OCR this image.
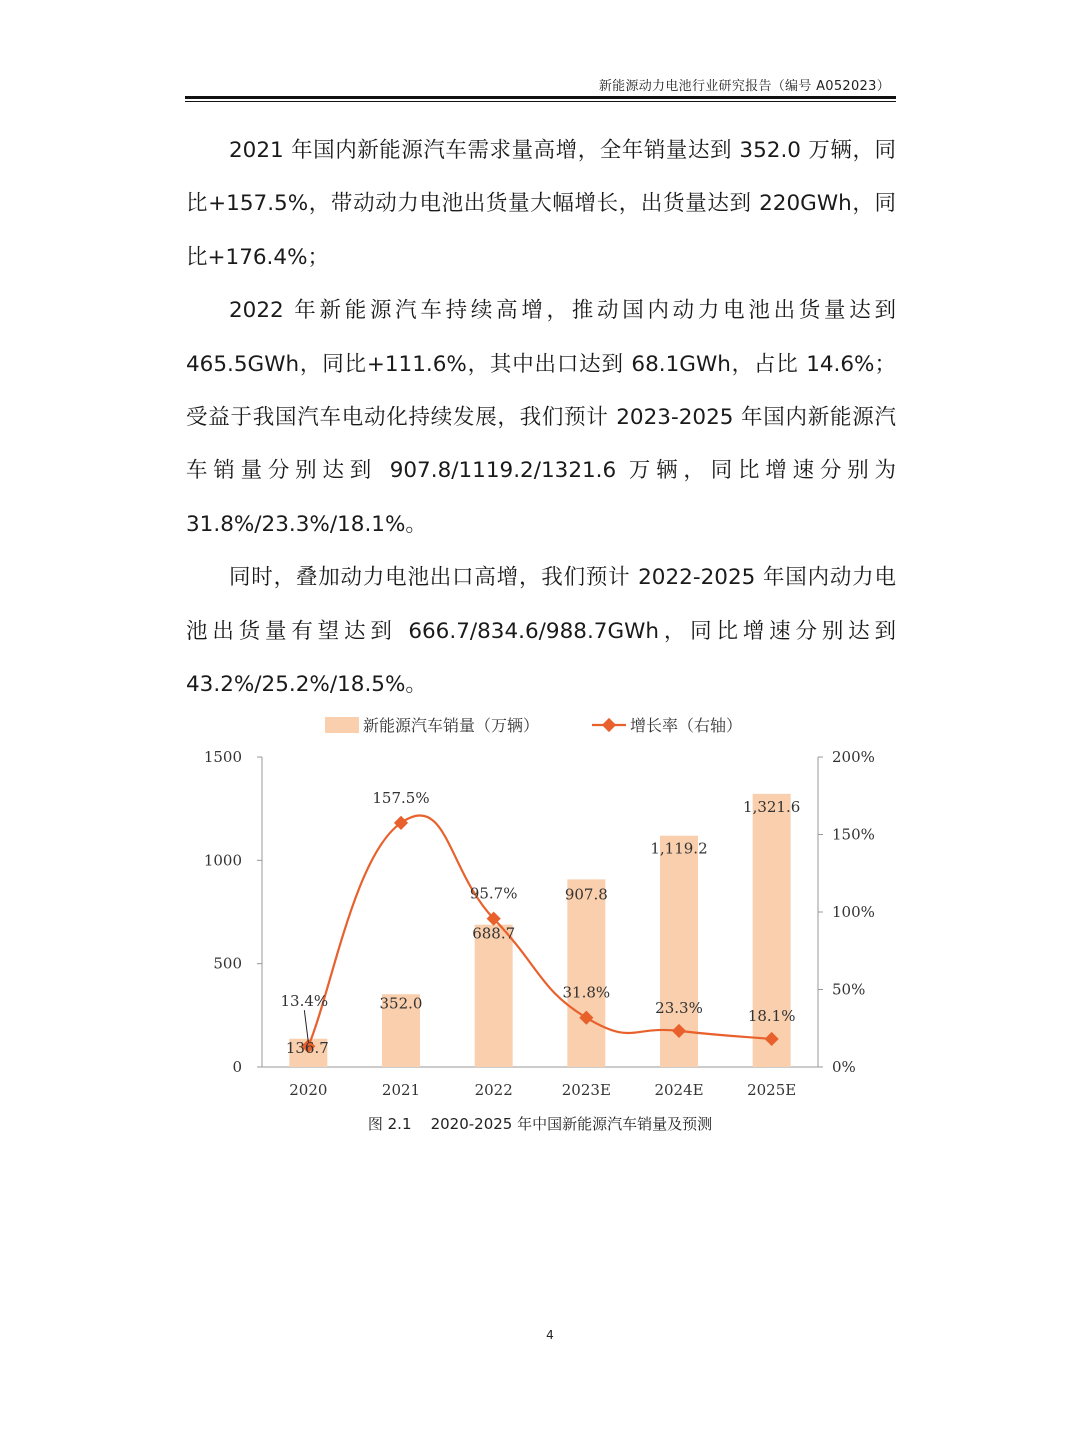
新能源动力电池行业研究报告（编号 A052023）

2021 年国内新能源汽车需求量高增，全年销量达到 352.0 万辆，同比+157.5%，带动动力电池出货量大幅增长，出货量达到 220GWh，同比+176.4%；

2022 年新能源汽车持续高增，推动国内动力电池出货量达到 465.5GWh，同比+111.6%，其中出口达到 68.1GWh，占比 14.6%；受益于我国汽车电动化持续发展，我们预计 2023-2025 年国内新能源汽车销量分别达到 907.8/1119.2/1321.6 万辆，同比增速分别为 31.8%/23.3%/18.1%。

同时，叠加动力电池出口高增，我们预计 2022-2025 年国内动力电池出货量有望达到 666.7/834.6/988.7GWh，同比增速分别达到 43.2%/25.2%/18.5%。

0
500
1000
1500
0%
50%
100%
150%
200%
2020	2021	2022	2023E	2024E	2025E
136.7
352.0
688.7
907.8
1,119.2
1,321.6
13.4%
157.5%
95.7%
31.8%
23.3%	18.1%
新能源汽车销量（万辆）	增长率（右轴）
图 2.1 2020-2025 年中国新能源汽车销量及预测
4
